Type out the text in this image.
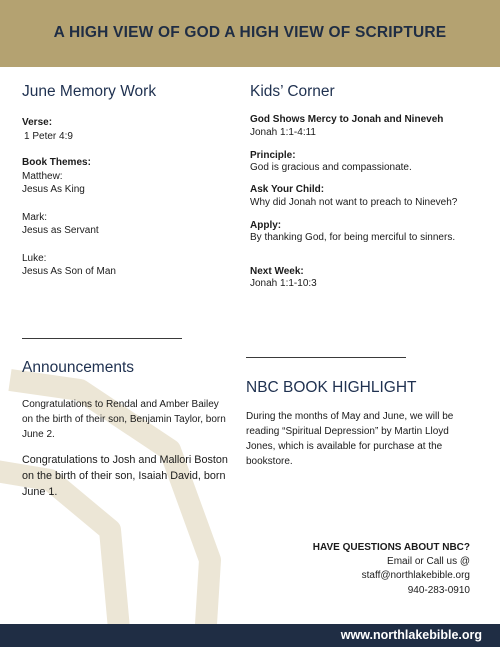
A HIGH VIEW OF GOD A HIGH VIEW OF SCRIPTURE
June Memory Work
Verse:
1 Peter 4:9
Book Themes:
Matthew:
Jesus As King
Mark:
Jesus as Servant
Luke:
Jesus As Son of Man
Kids’ Corner
God Shows Mercy to Jonah and Nineveh
Jonah 1:1-4:11
Principle:
God is gracious and compassionate.
Ask Your Child:
Why did Jonah not want to preach to Nineveh?
Apply:
By thanking God, for being merciful to sinners.
Next Week:
Jonah 1:1-10:3
Announcements
Congratulations to Rendal and Amber Bailey
on the birth of their son, Benjamin Taylor, born
June 2.
Congratulations to Josh and Mallori Boston
on the birth of their son, Isaiah David, born
June 1.
NBC BOOK HIGHLIGHT
During the months of May and June, we will be
reading “Spiritual Depression” by Martin Lloyd
Jones, which is available for purchase at the
bookstore.
HAVE QUESTIONS ABOUT NBC?
Email or Call us @
staff@northlakebible.org
940-283-0910
www.northlakebible.org
